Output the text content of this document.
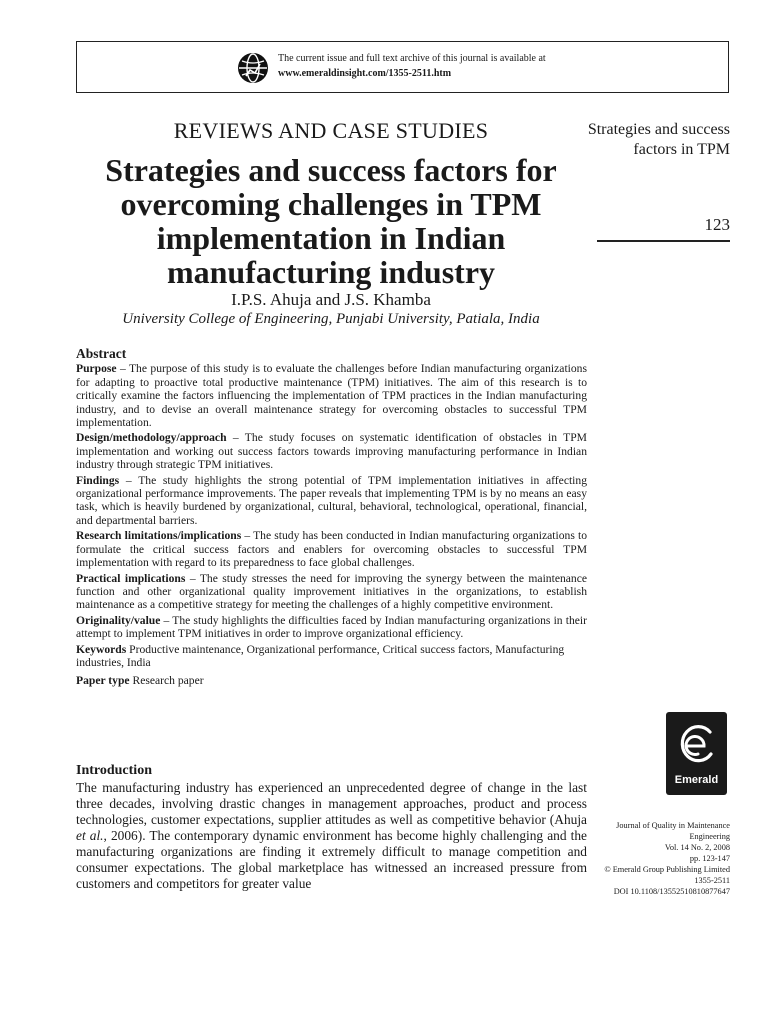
The current issue and full text archive of this journal is available at
www.emeraldinsight.com/1355-2511.htm
REVIEWS AND CASE STUDIES
Strategies and success factors for overcoming challenges in TPM implementation in Indian manufacturing industry
I.P.S. Ahuja and J.S. Khamba
University College of Engineering, Punjabi University, Patiala, India
Strategies and success factors in TPM
123
Abstract

Purpose – The purpose of this study is to evaluate the challenges before Indian manufacturing organizations for adapting to proactive total productive maintenance (TPM) initiatives. The aim of this research is to critically examine the factors influencing the implementation of TPM practices in the Indian manufacturing industry, and to devise an overall maintenance strategy for overcoming obstacles to successful TPM implementation.

Design/methodology/approach – The study focuses on systematic identification of obstacles in TPM implementation and working out success factors towards improving manufacturing performance in Indian industry through strategic TPM initiatives.

Findings – The study highlights the strong potential of TPM implementation initiatives in affecting organizational performance improvements. The paper reveals that implementing TPM is by no means an easy task, which is heavily burdened by organizational, cultural, behavioral, technological, operational, financial, and departmental barriers.

Research limitations/implications – The study has been conducted in Indian manufacturing organizations to formulate the critical success factors and enablers for overcoming obstacles to successful TPM implementation with regard to its preparedness to face global challenges.

Practical implications – The study stresses the need for improving the synergy between the maintenance function and other organizational quality improvement initiatives in the organizations, to establish maintenance as a competitive strategy for meeting the challenges of a highly competitive environment.

Originality/value – The study highlights the difficulties faced by Indian manufacturing organizations in their attempt to implement TPM initiatives in order to improve organizational efficiency.

Keywords Productive maintenance, Organizational performance, Critical success factors, Manufacturing industries, India
Paper type Research paper
Introduction

The manufacturing industry has experienced an unprecedented degree of change in the last three decades, involving drastic changes in management approaches, product and process technologies, customer expectations, supplier attitudes as well as competitive behavior (Ahuja et al., 2006). The contemporary dynamic environment has become highly challenging and the manufacturing organizations are finding it extremely difficult to manage competition and consumer expectations. The global marketplace has witnessed an increased pressure from customers and competitors for greater value

Emerald
Journal of Quality in Maintenance
Engineering
Vol. 14 No. 2, 2008
pp. 123-147
© Emerald Group Publishing Limited
1355-2511
DOI 10.1108/13552510810877647
